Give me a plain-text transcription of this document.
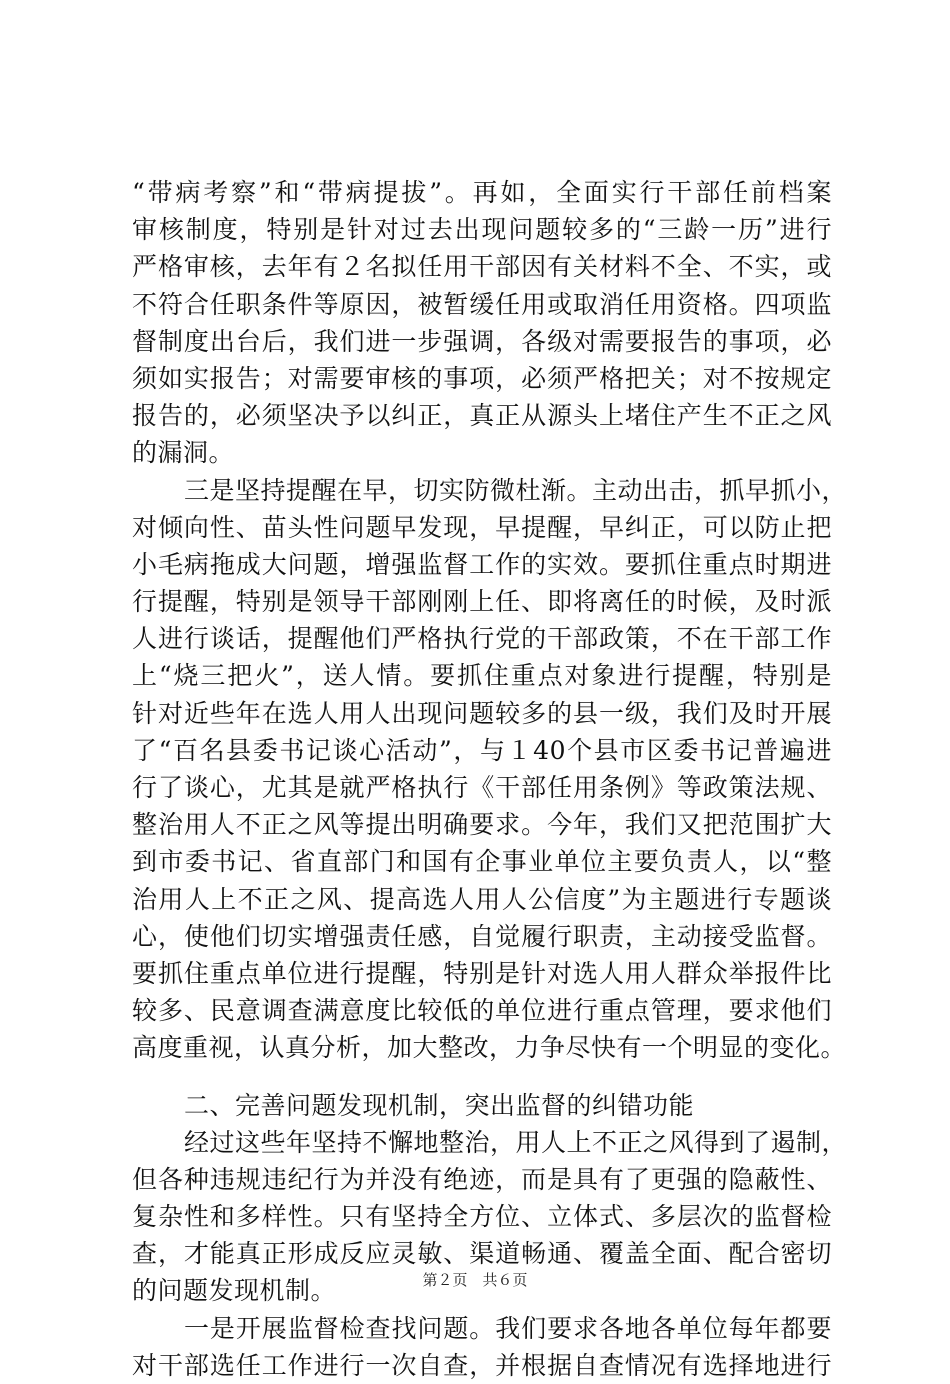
“带病考察”和“带病提拔”。再如，全面实行干部任前档案
审核制度，特别是针对过去出现问题较多的“三龄一历”进行
严格审核，去年有２名拟任用干部因有关材料不全、不实，或
不符合任职条件等原因，被暂缓任用或取消任用资格。四项监
督制度出台后，我们进一步强调，各级对需要报告的事项，必
须如实报告；对需要审核的事项，必须严格把关；对不按规定
报告的，必须坚决予以纠正，真正从源头上堵住产生不正之风
的漏洞。
三是坚持提醒在早，切实防微杜渐。主动出击，抓早抓小，
对倾向性、苗头性问题早发现，早提醒，早纠正，可以防止把
小毛病拖成大问题，增强监督工作的实效。要抓住重点时期进
行提醒，特别是领导干部刚刚上任、即将离任的时候，及时派
人进行谈话，提醒他们严格执行党的干部政策，不在干部工作
上“烧三把火”，送人情。要抓住重点对象进行提醒，特别是
针对近些年在选人用人出现问题较多的县一级，我们及时开展
了“百名县委书记谈心活动”，与１40个县市区委书记普遍进
行了谈心，尤其是就严格执行《干部任用条例》等政策法规、
整治用人不正之风等提出明确要求。今年，我们又把范围扩大
到市委书记、省直部门和国有企事业单位主要负责人，以“整
治用人上不正之风、提高选人用人公信度”为主题进行专题谈
心，使他们切实增强责任感，自觉履行职责，主动接受监督。
要抓住重点单位进行提醒，特别是针对选人用人群众举报件比
较多、民意调查满意度比较低的单位进行重点管理，要求他们
高度重视，认真分析，加大整改，力争尽快有一个明显的变化。
二、完善问题发现机制，突出监督的纠错功能
经过这些年坚持不懈地整治，用人上不正之风得到了遏制，
但各种违规违纪行为并没有绝迹，而是具有了更强的隐蔽性、
复杂性和多样性。只有坚持全方位、立体式、多层次的监督检
查，才能真正形成反应灵敏、渠道畅通、覆盖全面、配合密切
的问题发现机制。
一是开展监督检查找问题。我们要求各地各单位每年都要
对干部选任工作进行一次自查，并根据自查情况有选择地进行
第２页　共６页
